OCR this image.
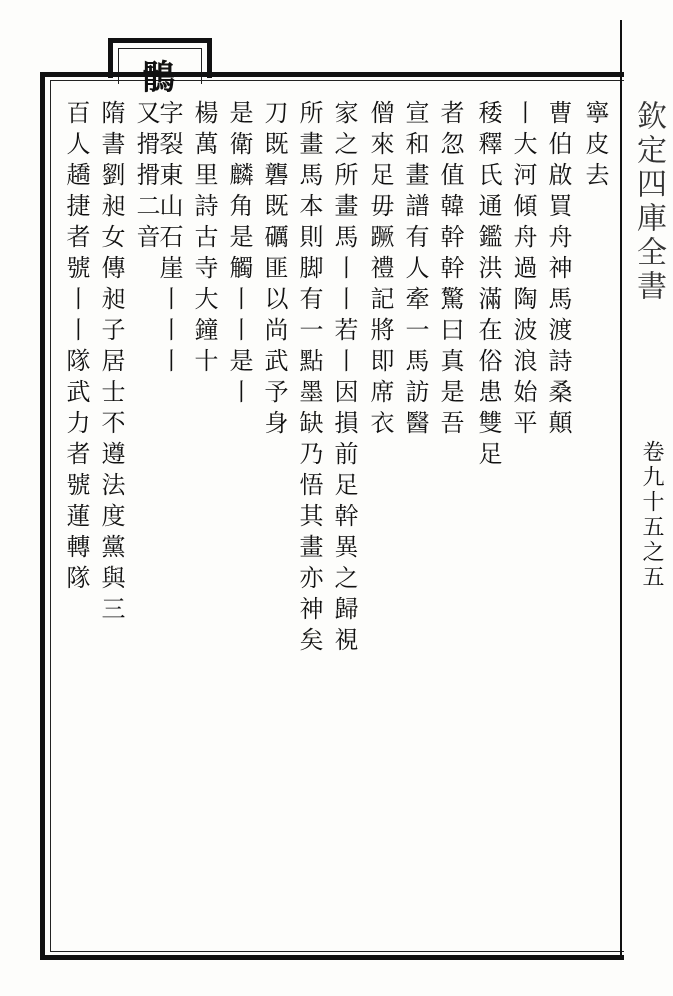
鶻
欽定四庫全書
卷九十五之五
寧皮去
曹伯啟買舟神馬渡詩桑顛
丨大河傾舟過陶波浪始平
䅗釋氏通鑑洪滿在俗患雙足
者忽值韓幹幹驚曰真是吾
宣和畫譜有人牽一馬訪醫
僧來足毋蹶禮記將即席衣
家之所畫馬丨丨若丨因損前足幹異之歸視
所畫馬本則脚有一點墨缺乃悟其畫亦神矣
刀既礱既礪匪以尚武予身
是衛麟角是觸丨丨是丨
楊萬里詩古寺大鐘十
字裂東山石崖丨丨丨
又搰搰二音
隋書劉昶女傳昶子居士不遵法度黨與三
百人趫捷者號丨丨隊武力者號蓮轉隊
